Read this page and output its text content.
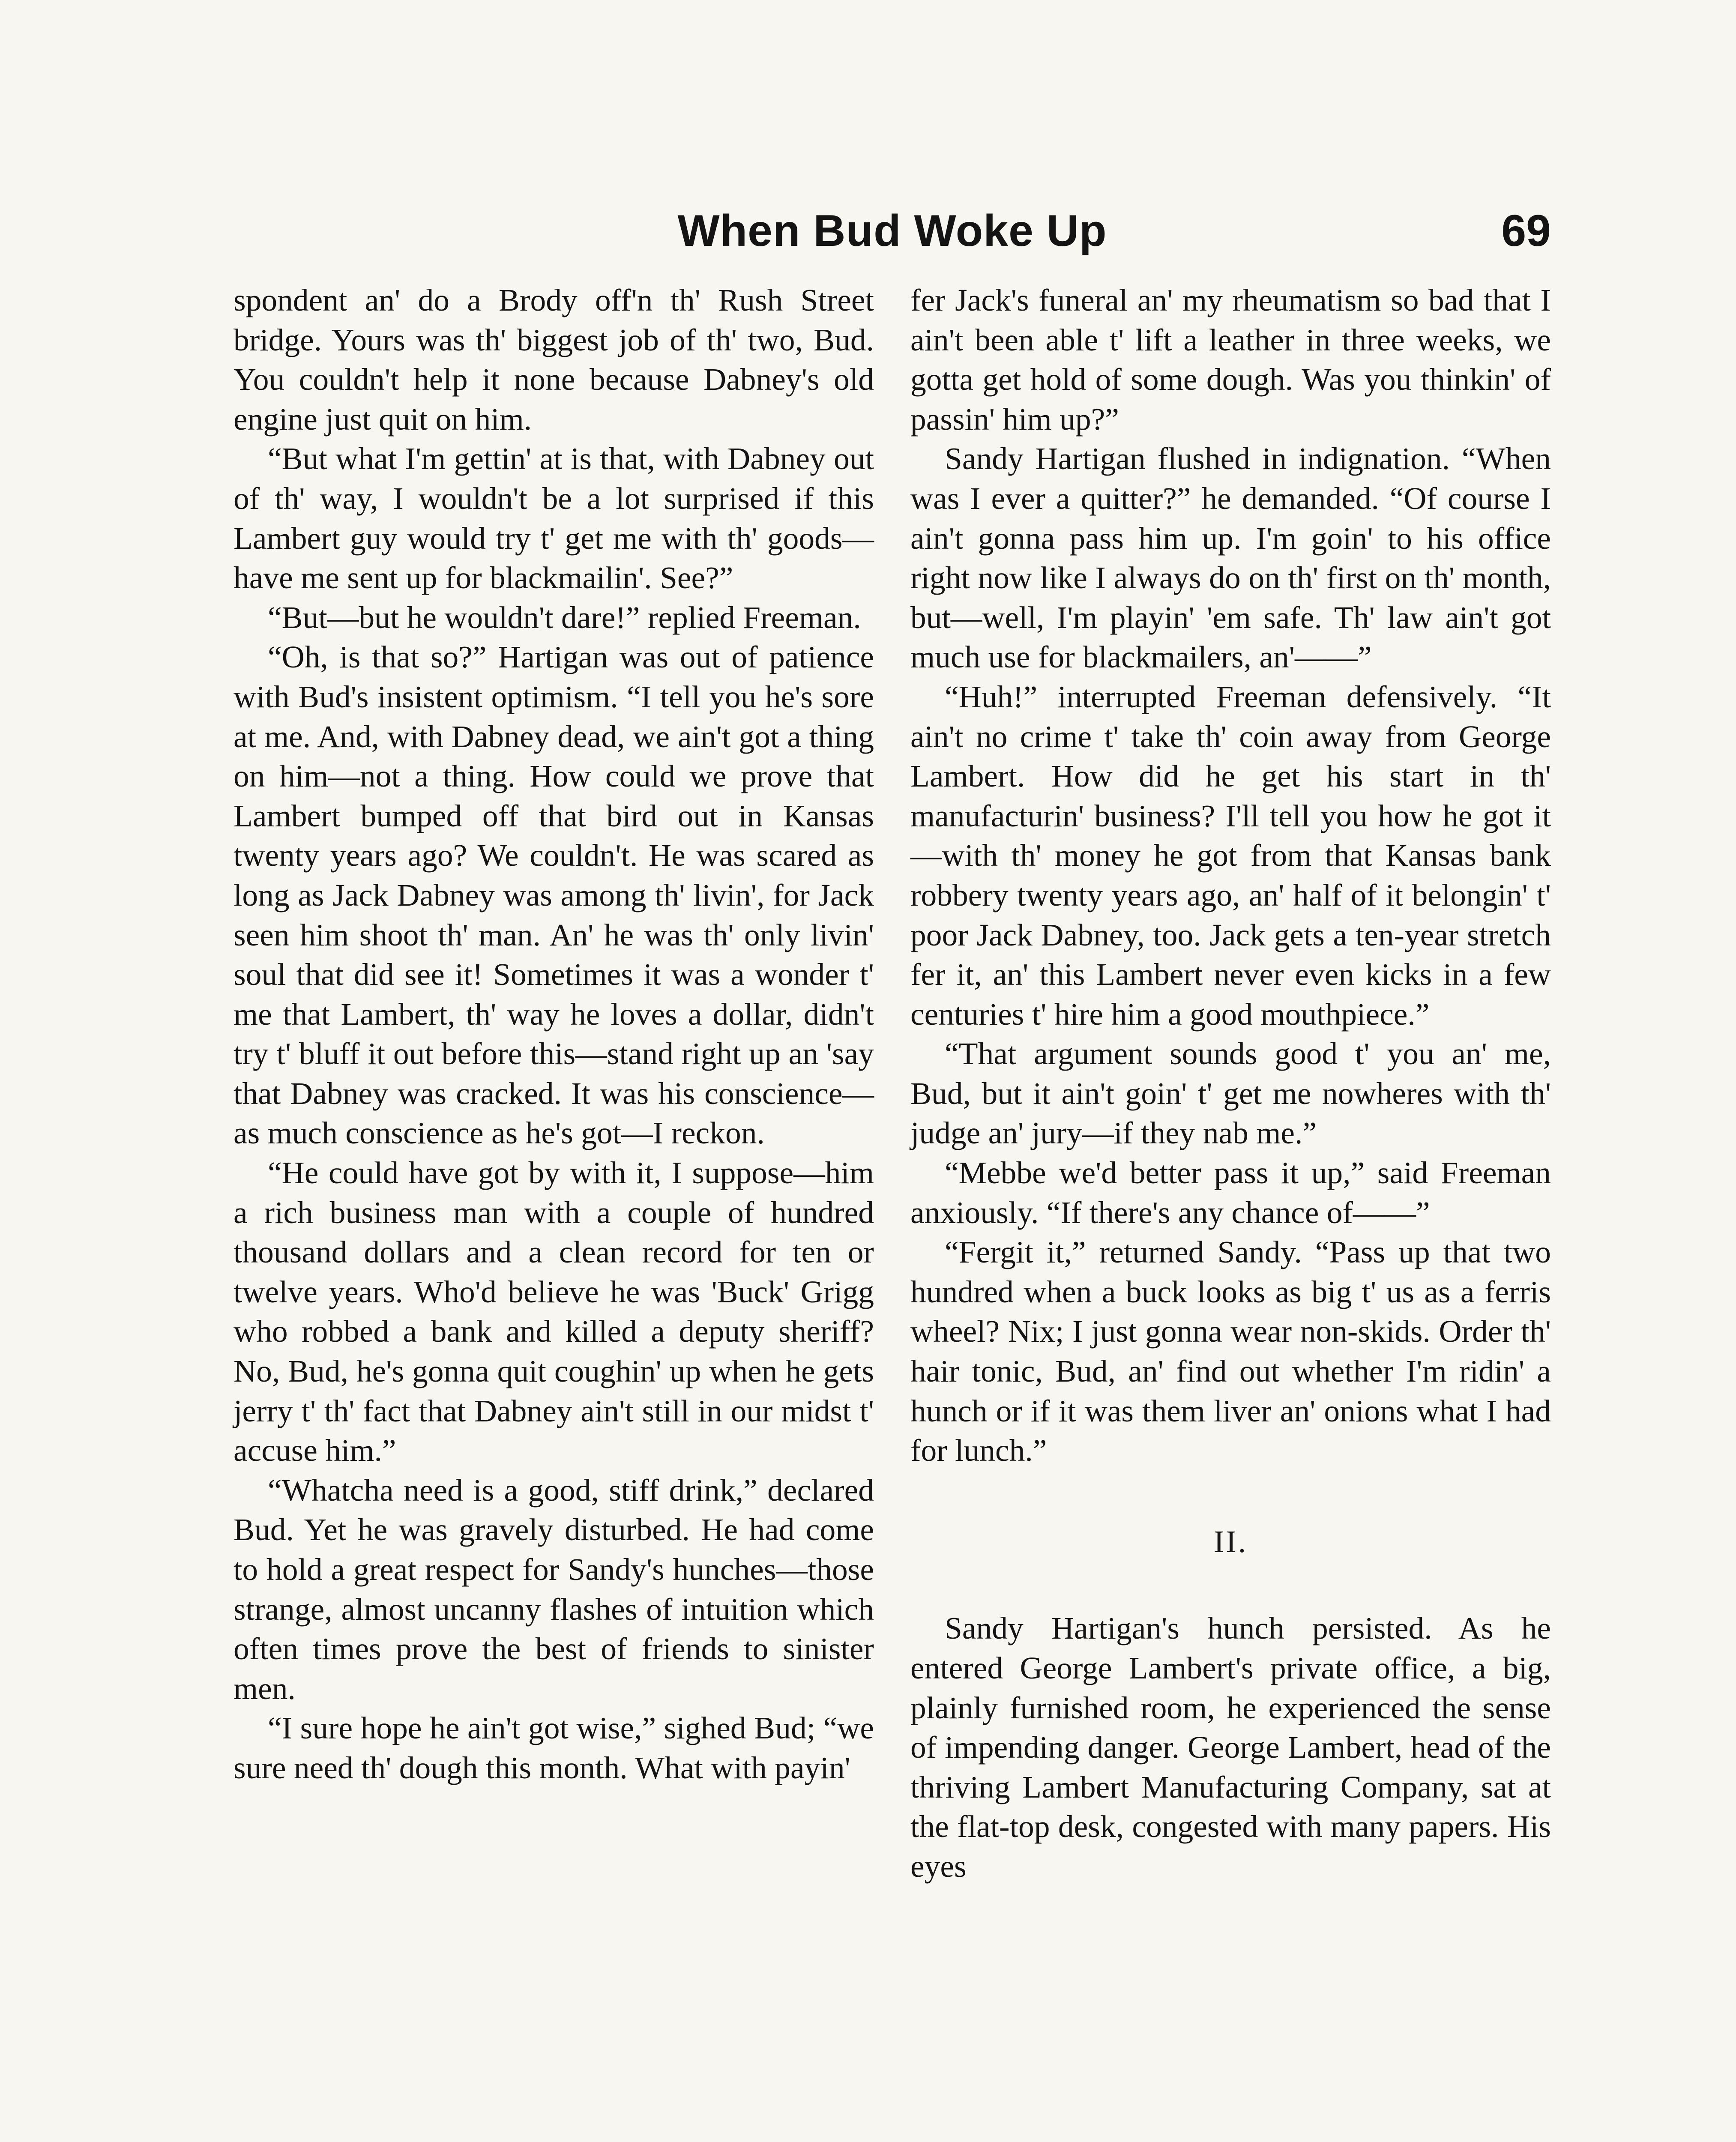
When Bud Woke Up	69

spondent an' do a Brody off'n th' Rush Street bridge. Yours was th' biggest job of th' two, Bud. You couldn't help it none because Dabney's old engine just quit on him.

“But what I'm gettin' at is that, with Dabney out of th' way, I wouldn't be a lot surprised if this Lambert guy would try t' get me with th' goods—have me sent up for blackmailin'. See?”

“But—but he wouldn't dare!” replied Freeman.

“Oh, is that so?” Hartigan was out of patience with Bud's insistent optimism. “I tell you he's sore at me. And, with Dabney dead, we ain't got a thing on him—not a thing. How could we prove that Lambert bumped off that bird out in Kansas twenty years ago? We couldn't. He was scared as long as Jack Dabney was among th' livin', for Jack seen him shoot th' man. An' he was th' only livin' soul that did see it! Sometimes it was a wonder t' me that Lambert, th' way he loves a dollar, didn't try t' bluff it out before this—stand right up an 'say that Dabney was cracked. It was his conscience—as much conscience as he's got—I reckon.

“He could have got by with it, I suppose—him a rich business man with a couple of hundred thousand dollars and a clean record for ten or twelve years. Who'd believe he was 'Buck' Grigg who robbed a bank and killed a deputy sheriff? No, Bud, he's gonna quit coughin' up when he gets jerry t' th' fact that Dabney ain't still in our midst t' accuse him.”

“Whatcha need is a good, stiff drink,” declared Bud. Yet he was gravely disturbed. He had come to hold a great respect for Sandy's hunches—those strange, almost uncanny flashes of intuition which often times prove the best of friends to sinister men.

“I sure hope he ain't got wise,” sighed Bud; “we sure need th' dough this month. What with payin'

fer Jack's funeral an' my rheumatism so bad that I ain't been able t' lift a leather in three weeks, we gotta get hold of some dough. Was you thinkin' of passin' him up?”

Sandy Hartigan flushed in indignation. “When was I ever a quitter?” he demanded. “Of course I ain't gonna pass him up. I'm goin' to his office right now like I always do on th' first on th' month, but—well, I'm playin' 'em safe. Th' law ain't got much use for blackmailers, an'——”

“Huh!” interrupted Freeman defensively. “It ain't no crime t' take th' coin away from George Lambert. How did he get his start in th' manufacturin' business? I'll tell you how he got it—with th' money he got from that Kansas bank robbery twenty years ago, an' half of it belongin' t' poor Jack Dabney, too. Jack gets a ten-year stretch fer it, an' this Lambert never even kicks in a few centuries t' hire him a good mouthpiece.”

“That argument sounds good t' you an' me, Bud, but it ain't goin' t' get me nowheres with th' judge an' jury—if they nab me.”

“Mebbe we'd better pass it up,” said Freeman anxiously. “If there's any chance of——”

“Fergit it,” returned Sandy. “Pass up that two hundred when a buck looks as big t' us as a ferris wheel? Nix; I just gonna wear non-skids. Order th' hair tonic, Bud, an' find out whether I'm ridin' a hunch or if it was them liver an' onions what I had for lunch.”

II.

Sandy Hartigan's hunch persisted. As he entered George Lambert's private office, a big, plainly furnished room, he experienced the sense of impending danger. George Lambert, head of the thriving Lambert Manufacturing Company, sat at the flat-top desk, congested with many papers. His eyes
